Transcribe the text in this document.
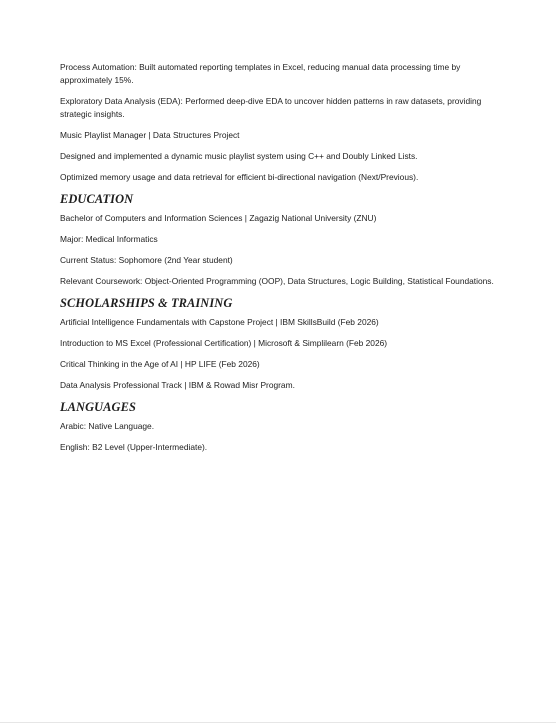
Process Automation: Built automated reporting templates in Excel, reducing manual data processing time by approximately 15%.

Exploratory Data Analysis (EDA): Performed deep-dive EDA to uncover hidden patterns in raw datasets, providing strategic insights.

Music Playlist Manager | Data Structures Project

Designed and implemented a dynamic music playlist system using C++ and Doubly Linked Lists.

Optimized memory usage and data retrieval for efficient bi-directional navigation (Next/Previous).

EDUCATION

Bachelor of Computers and Information Sciences | Zagazig National University (ZNU)

Major: Medical Informatics

Current Status: Sophomore (2nd Year student)

Relevant Coursework: Object-Oriented Programming (OOP), Data Structures, Logic Building, Statistical Foundations.

SCHOLARSHIPS & TRAINING

Artificial Intelligence Fundamentals with Capstone Project | IBM SkillsBuild (Feb 2026)

Introduction to MS Excel (Professional Certification) | Microsoft & Simplilearn (Feb 2026)

Critical Thinking in the Age of AI | HP LIFE (Feb 2026)

Data Analysis Professional Track | IBM & Rowad Misr Program.

LANGUAGES

Arabic: Native Language.

English: B2 Level (Upper-Intermediate).
